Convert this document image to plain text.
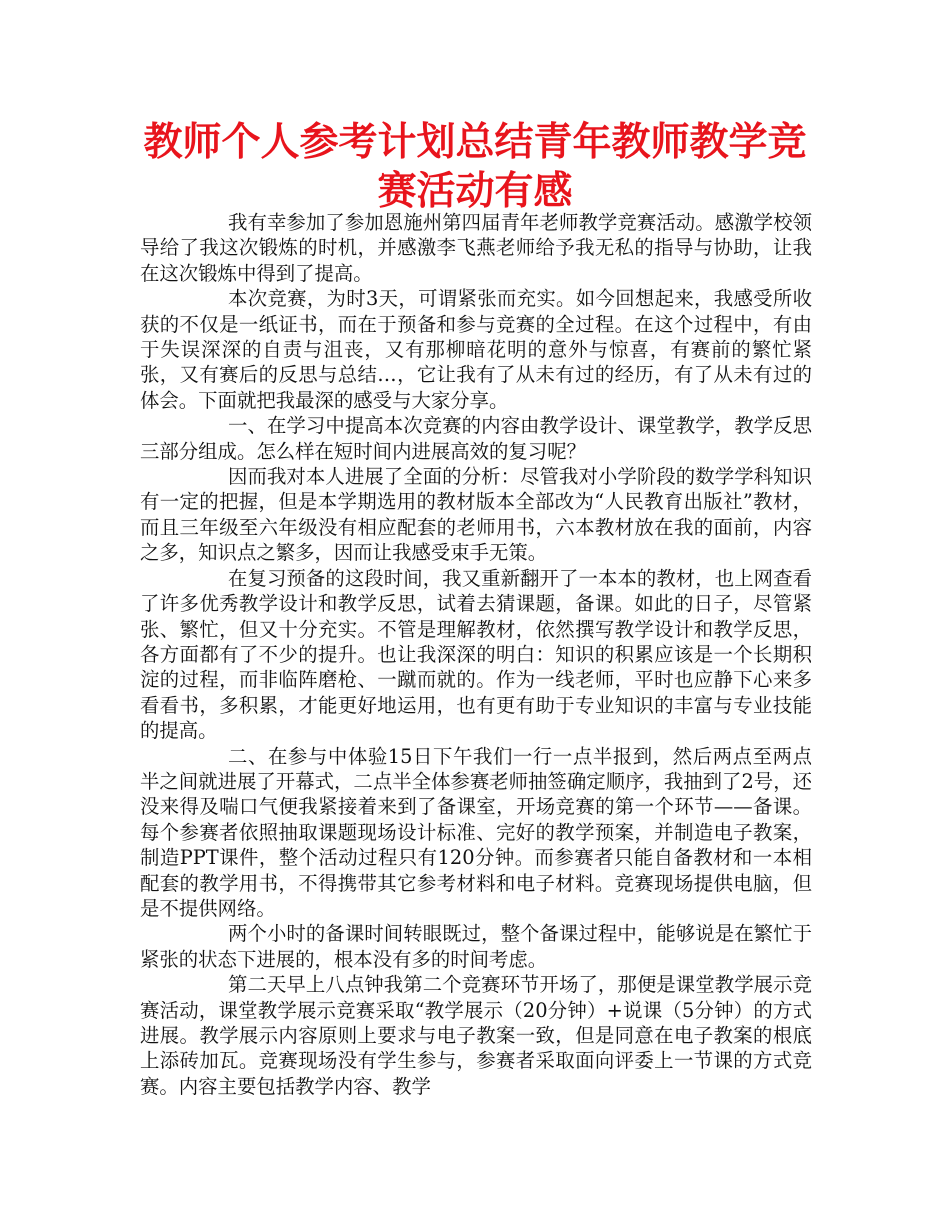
教师个人参考计划总结青年教师教学竞赛活动有感

我有幸参加了参加恩施州第四届青年老师教学竞赛活动。感激学校领导给了我这次锻炼的时机，并感激李飞燕老师给予我无私的指导与协助，让我在这次锻炼中得到了提高。

本次竞赛，为时3天，可谓紧张而充实。如今回想起来，我感受所收获的不仅是一纸证书，而在于预备和参与竞赛的全过程。在这个过程中，有由于失误深深的自责与沮丧，又有那柳暗花明的意外与惊喜，有赛前的繁忙紧张，又有赛后的反思与总结…，它让我有了从未有过的经历，有了从未有过的体会。下面就把我最深的感受与大家分享。

一、在学习中提高本次竞赛的内容由教学设计、课堂教学，教学反思三部分组成。怎么样在短时间内进展高效的复习呢？

因而我对本人进展了全面的分析：尽管我对小学阶段的数学学科知识有一定的把握，但是本学期选用的教材版本全部改为“人民教育出版社”教材，而且三年级至六年级没有相应配套的老师用书，六本教材放在我的面前，内容之多，知识点之繁多，因而让我感受束手无策。

在复习预备的这段时间，我又重新翻开了一本本的教材，也上网查看了许多优秀教学设计和教学反思，试着去猜课题，备课。如此的日子，尽管紧张、繁忙，但又十分充实。不管是理解教材，依然撰写教学设计和教学反思，各方面都有了不少的提升。也让我深深的明白：知识的积累应该是一个长期积淀的过程，而非临阵磨枪、一蹴而就的。作为一线老师，平时也应静下心来多看看书，多积累，才能更好地运用，也有更有助于专业知识的丰富与专业技能的提高。

二、在参与中体验15日下午我们一行一点半报到，然后两点至两点半之间就进展了开幕式，二点半全体参赛老师抽签确定顺序，我抽到了2号，还没来得及喘口气便我紧接着来到了备课室，开场竞赛的第一个环节——备课。每个参赛者依照抽取课题现场设计标准、完好的教学预案，并制造电子教案，制造PPT课件，整个活动过程只有120分钟。而参赛者只能自备教材和一本相配套的教学用书，不得携带其它参考材料和电子材料。竞赛现场提供电脑，但是不提供网络。

两个小时的备课时间转眼既过，整个备课过程中，能够说是在繁忙于紧张的状态下进展的，根本没有多的时间考虑。

第二天早上八点钟我第二个竞赛环节开场了，那便是课堂教学展示竞赛活动，课堂教学展示竞赛采取“教学展示（20分钟）+说课（5分钟）的方式进展。教学展示内容原则上要求与电子教案一致，但是同意在电子教案的根底上添砖加瓦。竞赛现场没有学生参与，参赛者采取面向评委上一节课的方式竞赛。内容主要包括教学内容、教学
